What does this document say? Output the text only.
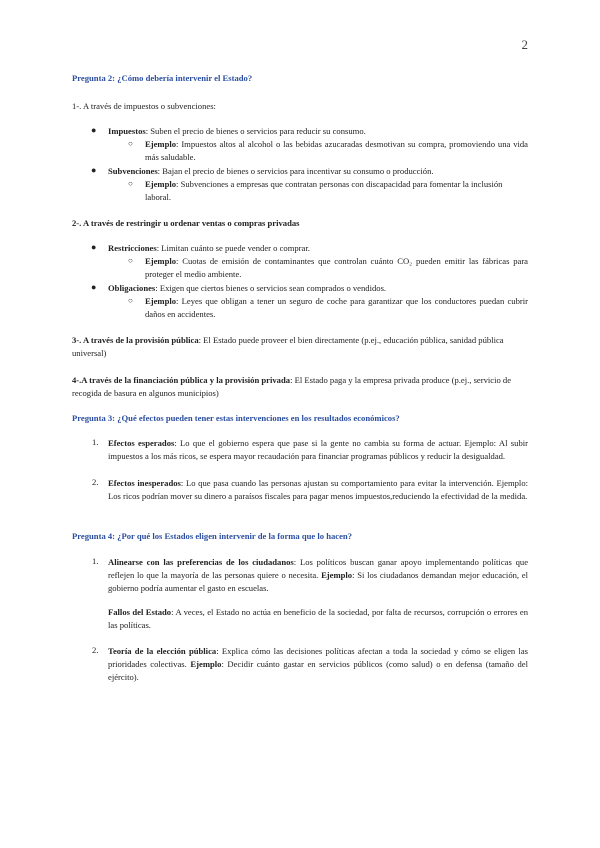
2
Pregunta 2: ¿Cómo debería intervenir el Estado?
1-. A través de impuestos o subvenciones:
● Impuestos: Suben el precio de bienes o servicios para reducir su consumo.
○ Ejemplo: Impuestos altos al alcohol o las bebidas azucaradas desmotivan su compra, promoviendo una vida más saludable.
● Subvenciones: Bajan el precio de bienes o servicios para incentivar su consumo o producción.
○ Ejemplo: Subvenciones a empresas que contratan personas con discapacidad para fomentar la inclusión laboral.
2-. A través de restringir u ordenar ventas o compras privadas
● Restricciones: Limitan cuánto se puede vender o comprar.
○ Ejemplo: Cuotas de emisión de contaminantes que controlan cuánto CO₂ pueden emitir las fábricas para proteger el medio ambiente.
● Obligaciones: Exigen que ciertos bienes o servicios sean comprados o vendidos.
○ Ejemplo: Leyes que obligan a tener un seguro de coche para garantizar que los conductores puedan cubrir daños en accidentes.
3-. A través de la provisión pública: El Estado puede proveer el bien directamente (p.ej., educación pública, sanidad pública universal)
4-.A través de la financiación pública y la provisión privada: El Estado paga y la empresa privada produce (p.ej., servicio de recogida de basura en algunos municipios)
Pregunta 3: ¿Qué efectos pueden tener estas intervenciones en los resultados económicos?
1. Efectos esperados: Lo que el gobierno espera que pase si la gente no cambia su forma de actuar. Ejemplo: Al subir impuestos a los más ricos, se espera mayor recaudación para financiar programas públicos y reducir la desigualdad.
2. Efectos inesperados: Lo que pasa cuando las personas ajustan su comportamiento para evitar la intervención. Ejemplo: Los ricos podrían mover su dinero a paraísos fiscales para pagar menos impuestos,reduciendo la efectividad de la medida.
Pregunta 4: ¿Por qué los Estados eligen intervenir de la forma que lo hacen?
1. Alinearse con las preferencias de los ciudadanos: Los políticos buscan ganar apoyo implementando políticas que reflejen lo que la mayoría de las personas quiere o necesita. Ejemplo: Si los ciudadanos demandan mejor educación, el gobierno podría aumentar el gasto en escuelas.
Fallos del Estado: A veces, el Estado no actúa en beneficio de la sociedad, por falta de recursos, corrupción o errores en las políticas.
2. Teoría de la elección pública: Explica cómo las decisiones políticas afectan a toda la sociedad y cómo se eligen las prioridades colectivas. Ejemplo: Decidir cuánto gastar en servicios públicos (como salud) o en defensa (tamaño del ejército).
